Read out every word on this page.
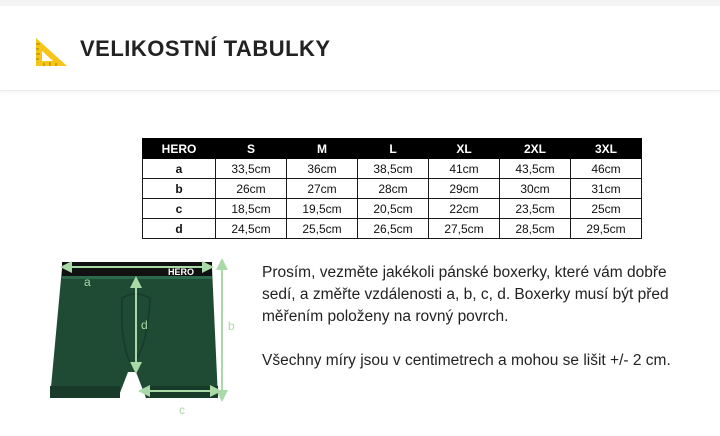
VELIKOSTNÍ TABULKY
HERO	S	M	L	XL	2XL	3XL
a	33,5cm	36cm	38,5cm	41cm	43,5cm	46cm
b	26cm	27cm	28cm	29cm	30cm	31cm
c	18,5cm	19,5cm	20,5cm	22cm	23,5cm	25cm
d	24,5cm	25,5cm	26,5cm	27,5cm	28,5cm	29,5cm
HERO
a
b
c
d

Prosím, vezměte jakékoli pánské boxerky, které vám dobře sedí, a změřte vzdálenosti a, b, c, d. Boxerky musí být před měřením položeny na rovný povrch.

Všechny míry jsou v centimetrech a mohou se lišit +/- 2 cm.
